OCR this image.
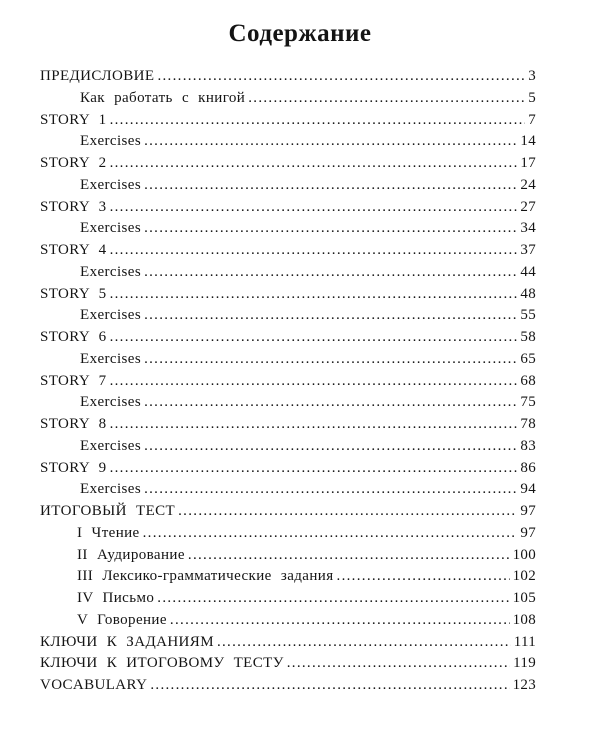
Содержание
ПРЕДИСЛОВИЕ .....	3
Как работать с книгой .....	5
STORY 1 .....	7
Exercises .....	14
STORY 2 .....	17
Exercises .....	24
STORY 3 .....	27
Exercises .....	34
STORY 4 .....	37
Exercises .....	44
STORY 5 .....	48
Exercises .....	55
STORY 6 .....	58
Exercises .....	65
STORY 7 .....	68
Exercises .....	75
STORY 8 .....	78
Exercises .....	83
STORY 9 .....	86
Exercises .....	94
ИТОГОВЫЙ ТЕСТ .....	97
I Чтение .....	97
II Аудирование .....	100
III Лексико-грамматические задания .....	102
IV Письмо .....	105
V Говорение .....	108
КЛЮЧИ К ЗАДАНИЯМ .....	111
КЛЮЧИ К ИТОГОВОМУ ТЕСТУ .....	119
VOCABULARY .....	123
